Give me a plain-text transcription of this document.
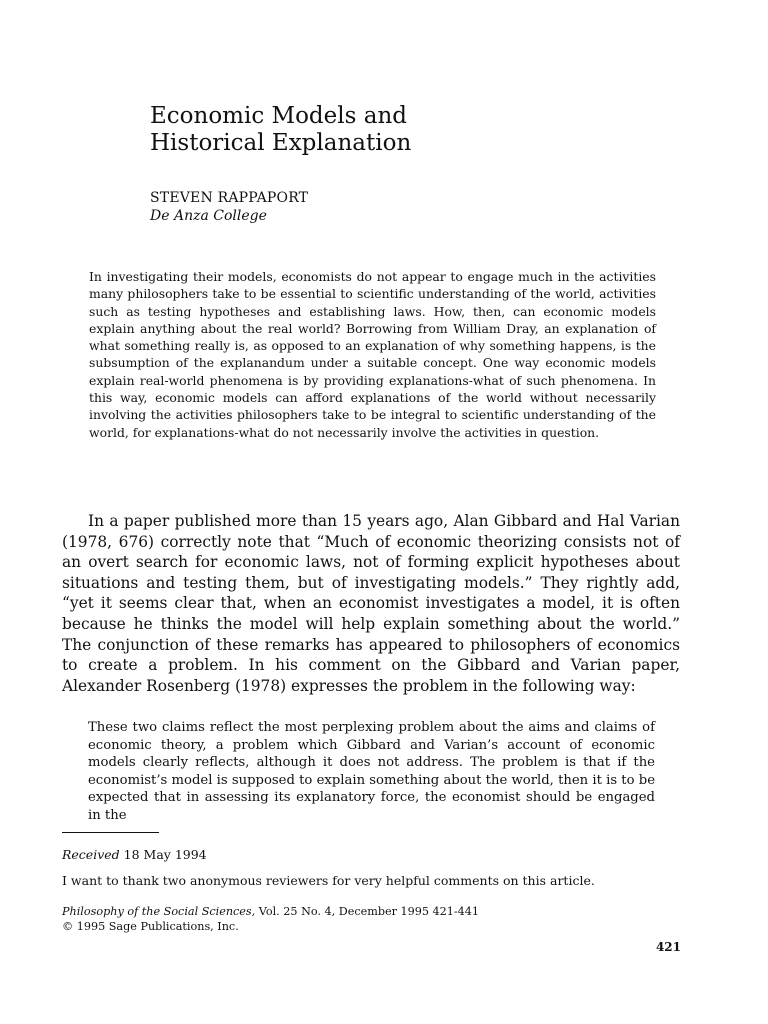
Economic Models and
Historical Explanation

STEVEN RAPPAPORT

De Anza College

In investigating their models, economists do not appear to engage much in the activities many philosophers take to be essential to scientific understanding of the world, activities such as testing hypotheses and establishing laws. How, then, can economic models explain anything about the real world? Borrowing from William Dray, an explanation of what something really is, as opposed to an explanation of why something happens, is the subsumption of the explanandum under a suitable concept. One way economic models explain real-world phenomena is by providing explanations-what of such phenomena. In this way, economic models can afford explanations of the world without necessarily involving the activities philosophers take to be integral to scientific understanding of the world, for explanations-what do not necessarily involve the activities in question.

In a paper published more than 15 years ago, Alan Gibbard and Hal Varian (1978, 676) correctly note that “Much of economic theorizing consists not of an overt search for economic laws, not of forming explicit hypotheses about situations and testing them, but of investigating models.” They rightly add, “yet it seems clear that, when an economist investigates a model, it is often because he thinks the model will help explain something about the world.” The conjunction of these remarks has appeared to philosophers of economics to create a problem. In his comment on the Gibbard and Varian paper, Alexander Rosenberg (1978) expresses the problem in the following way:

These two claims reflect the most perplexing problem about the aims and claims of economic theory, a problem which Gibbard and Varian’s account of economic models clearly reflects, although it does not address. The problem is that if the economist’s model is supposed to explain something about the world, then it is to be expected that in assessing its explanatory force, the economist should be engaged in the

Received 18 May 1994

I want to thank two anonymous reviewers for very helpful comments on this article.

Philosophy of the Social Sciences, Vol. 25 No. 4, December 1995 421-441

© 1995 Sage Publications, Inc.

421
